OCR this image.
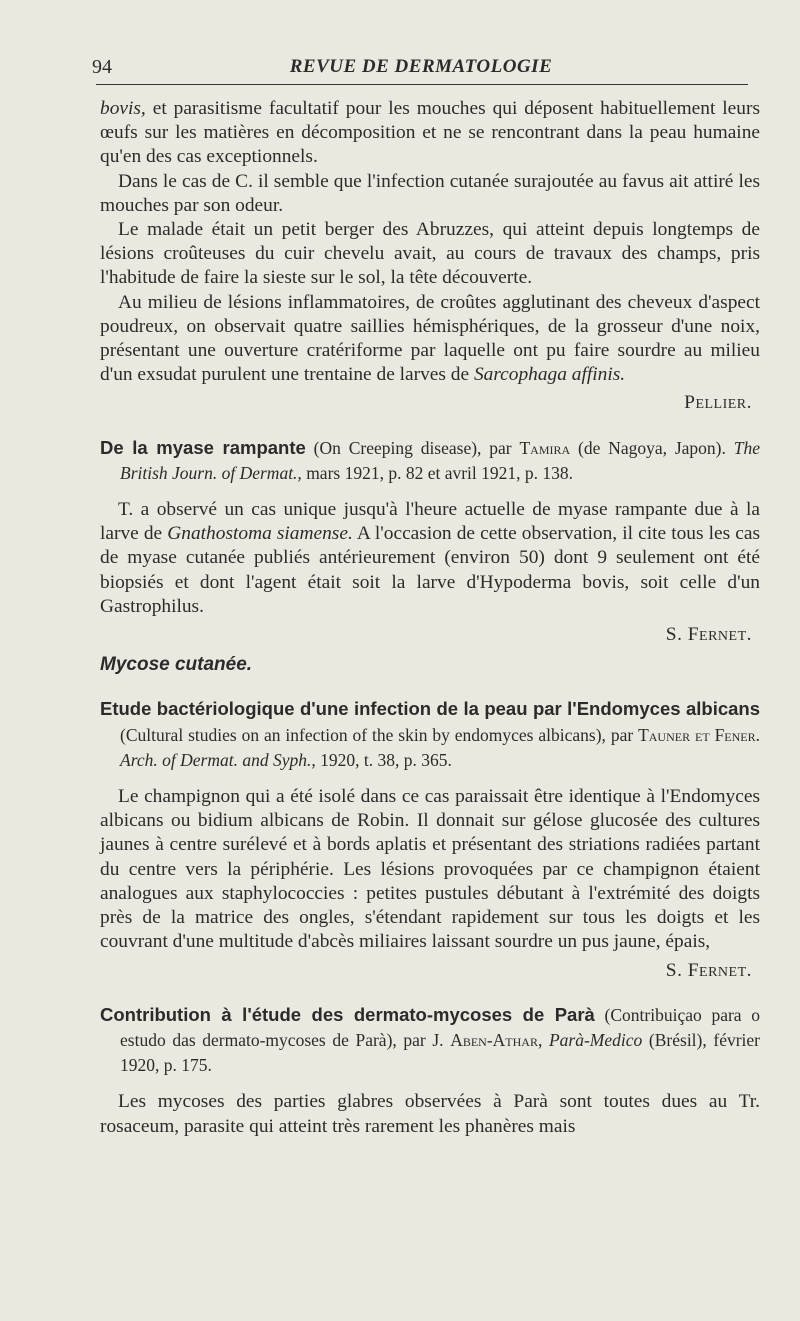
94	REVUE DE DERMATOLOGIE

bovis, et parasitisme facultatif pour les mouches qui déposent habituellement leurs œufs sur les matières en décomposition et ne se rencontrant dans la peau humaine qu'en des cas exceptionnels.

Dans le cas de C. il semble que l'infection cutanée surajoutée au favus ait attiré les mouches par son odeur.

Le malade était un petit berger des Abruzzes, qui atteint depuis longtemps de lésions croûteuses du cuir chevelu avait, au cours de travaux des champs, pris l'habitude de faire la sieste sur le sol, la tête découverte.

Au milieu de lésions inflammatoires, de croûtes agglutinant des cheveux d'aspect poudreux, on observait quatre saillies hémisphériques, de la grosseur d'une noix, présentant une ouverture cratériforme par laquelle ont pu faire sourdre au milieu d'un exsudat purulent une trentaine de larves de Sarcophaga affinis.

Pellier.

De la myase rampante (On Creeping disease), par Tamira (de Nagoya, Japon). The British Journ. of Dermat., mars 1921, p. 82 et avril 1921, p. 138.

T. a observé un cas unique jusqu'à l'heure actuelle de myase rampante due à la larve de Gnathostoma siamense. A l'occasion de cette observation, il cite tous les cas de myase cutanée publiés antérieurement (environ 50) dont 9 seulement ont été biopsiés et dont l'agent était soit la larve d'Hypoderma bovis, soit celle d'un Gastrophilus.

S. Fernet.
Mycose cutanée.

Etude bactériologique d'une infection de la peau par l'Endomyces albicans (Cultural studies on an infection of the skin by endomyces albicans), par Tauner et Fener. Arch. of Dermat. and Syph., 1920, t. 38, p. 365.

Le champignon qui a été isolé dans ce cas paraissait être identique à l'Endomyces albicans ou bidium albicans de Robin. Il donnait sur gélose glucosée des cultures jaunes à centre surélevé et à bords aplatis et présentant des striations radiées partant du centre vers la périphérie. Les lésions provoquées par ce champignon étaient analogues aux staphylococcies : petites pustules débutant à l'extrémité des doigts près de la matrice des ongles, s'étendant rapidement sur tous les doigts et les couvrant d'une multitude d'abcès miliaires laissant sourdre un pus jaune, épais,

S. Fernet.

Contribution à l'étude des dermato-mycoses de Parà (Contribuiçao para o estudo das dermato-mycoses de Parà), par J. Aben-Athar, Parà-Medico (Brésil), février 1920, p. 175.

Les mycoses des parties glabres observées à Parà sont toutes dues au Tr. rosaceum, parasite qui atteint très rarement les phanères mais
